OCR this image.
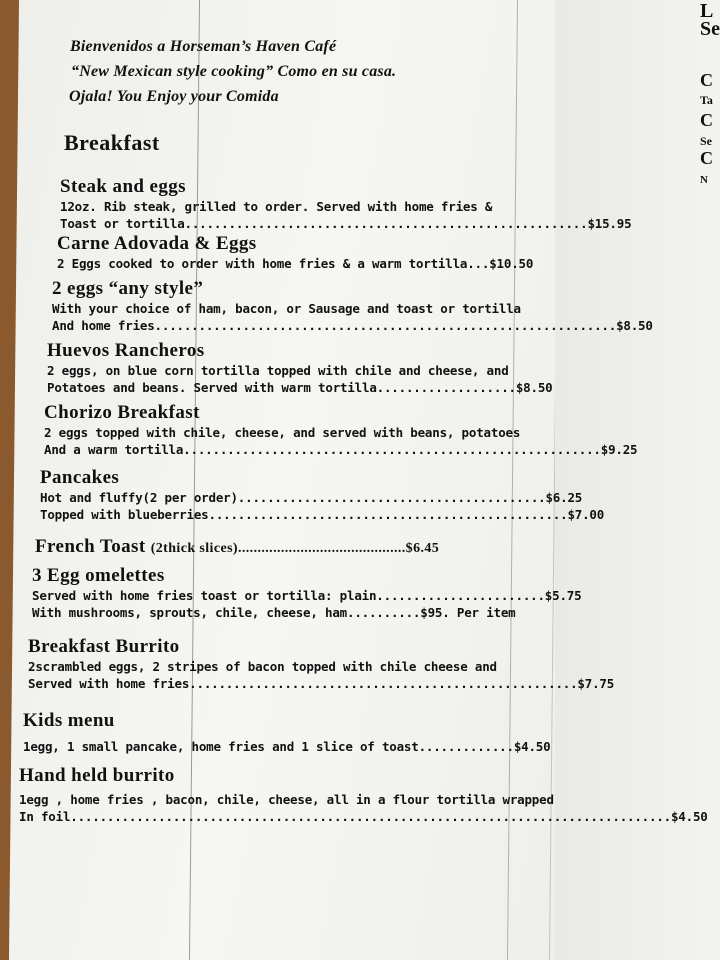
L
Se
C
Ta
C
Se
C
N
Bienvenidos a Horseman’s Haven Café
“New Mexican style cooking” Como en su casa.
Ojala! You Enjoy your Comida
Breakfast
Steak and eggs
12oz. Rib steak, grilled to order. Served with home fries &
Toast or tortilla.......................................................$15.95
Carne Adovada & Eggs
2 Eggs cooked to order with home fries & a warm tortilla...$10.50
2 eggs “any style”
With your choice of ham, bacon, or Sausage and toast or tortilla
And home fries...............................................................$8.50
Huevos Rancheros
2 eggs, on blue corn tortilla topped with chile and cheese, and
Potatoes and beans. Served with warm tortilla...................$8.50
Chorizo Breakfast
2 eggs topped with chile, cheese, and served with beans, potatoes
And a warm tortilla.........................................................$9.25
Pancakes
Hot and fluffy(2 per order)..........................................$6.25
Topped with blueberries.................................................$7.00
French Toast (2thick slices)...........................................$6.45
3 Egg omelettes
Served with home fries toast or tortilla: plain.......................$5.75
With mushrooms, sprouts, chile, cheese, ham..........$95. Per item
Breakfast Burrito
2scrambled eggs, 2 stripes of bacon topped with chile cheese and
Served with home fries.....................................................$7.75
Kids menu
1egg, 1 small pancake, home fries and 1 slice of toast.............$4.50
Hand held burrito
1egg , home fries , bacon, chile, cheese, all in a flour tortilla wrapped
In foil..................................................................................$4.50
